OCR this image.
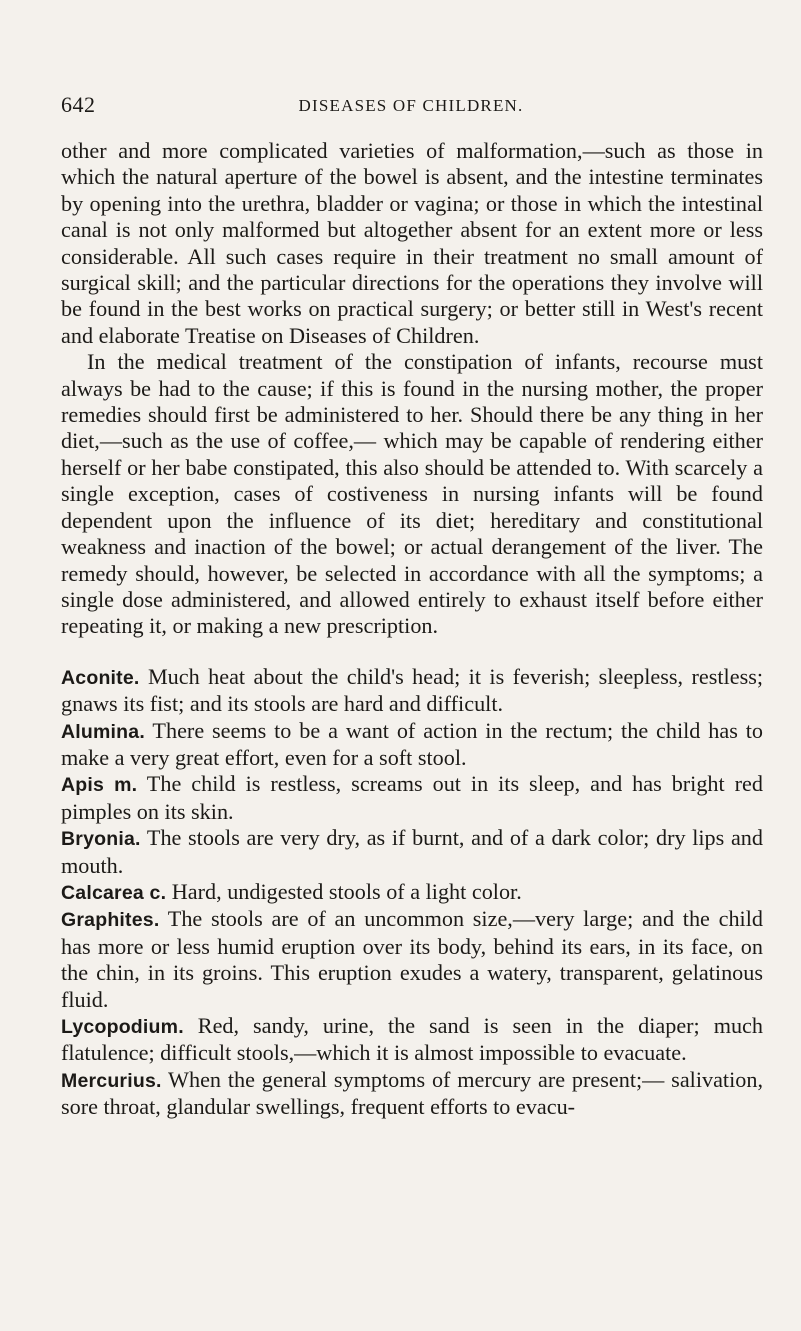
642	DISEASES OF CHILDREN.

other and more complicated varieties of malformation,—such as those in which the natural aperture of the bowel is absent, and the intestine terminates by opening into the urethra, bladder or vagina; or those in which the intestinal canal is not only malformed but altogether absent for an extent more or less considerable. All such cases require in their treatment no small amount of surgical skill; and the particular directions for the operations they involve will be found in the best works on practical surgery; or better still in West's recent and elaborate Treatise on Diseases of Children.

In the medical treatment of the constipation of infants, recourse must always be had to the cause; if this is found in the nursing mother, the proper remedies should first be administered to her. Should there be any thing in her diet,—such as the use of coffee,— which may be capable of rendering either herself or her babe constipated, this also should be attended to. With scarcely a single exception, cases of costiveness in nursing infants will be found dependent upon the influence of its diet; hereditary and constitutional weakness and inaction of the bowel; or actual derangement of the liver. The remedy should, however, be selected in accordance with all the symptoms; a single dose administered, and allowed entirely to exhaust itself before either repeating it, or making a new prescription.

Aconite. Much heat about the child's head; it is feverish; sleepless, restless; gnaws its fist; and its stools are hard and difficult.

Alumina. There seems to be a want of action in the rectum; the child has to make a very great effort, even for a soft stool.

Apis m. The child is restless, screams out in its sleep, and has bright red pimples on its skin.

Bryonia. The stools are very dry, as if burnt, and of a dark color; dry lips and mouth.

Calcarea c. Hard, undigested stools of a light color.

Graphites. The stools are of an uncommon size,—very large; and the child has more or less humid eruption over its body, behind its ears, in its face, on the chin, in its groins. This eruption exudes a watery, transparent, gelatinous fluid.

Lycopodium. Red, sandy, urine, the sand is seen in the diaper; much flatulence; difficult stools,—which it is almost impossible to evacuate.

Mercurius. When the general symptoms of mercury are present;— salivation, sore throat, glandular swellings, frequent efforts to evacu-
